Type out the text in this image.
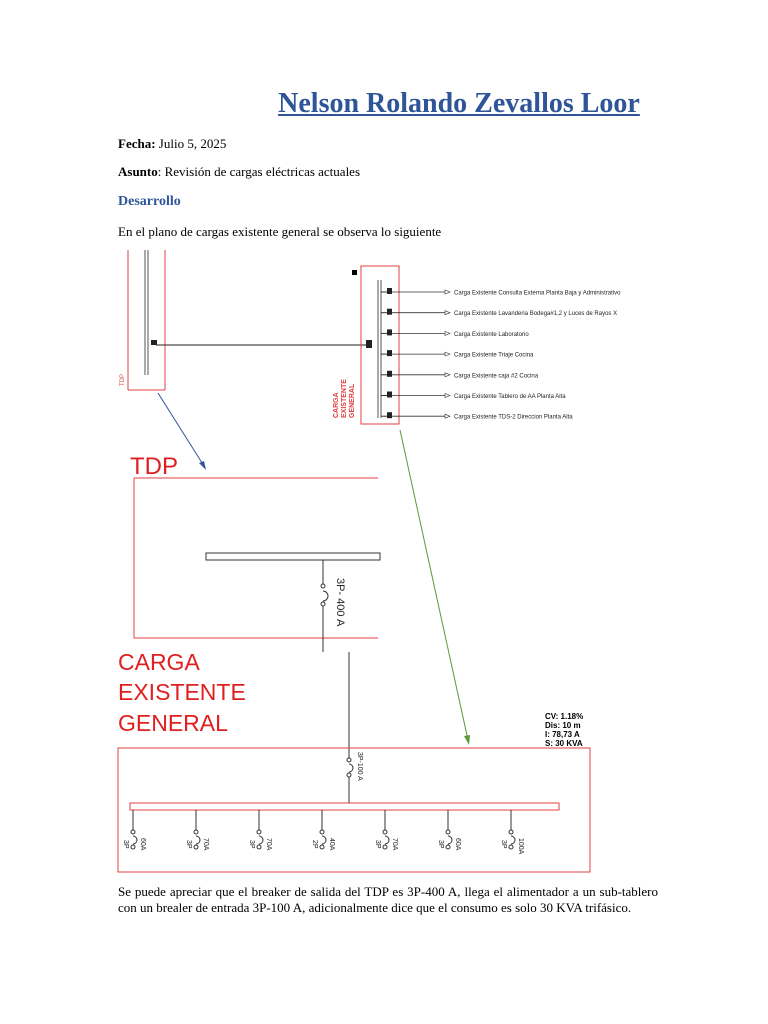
Nelson Rolando Zevallos Loor
Fecha: Julio 5, 2025
Asunto: Revisión de cargas eléctricas actuales
Desarrollo
En el plano de cargas existente general se observa lo siguiente
TDP
CARGA EXISTENTE GENERAL
Carga Existente Consulta Externa Planta Baja y Administrativo
Carga Existente Lavanderia Bodega#1,2 y Luces de Rayos X
Carga Existente Laboratorio
Carga Existente Triaje Cocina
Carga Existente caja #2 Cocina
Carga Existente Tablero de AA Planta Alta
Carga Existente TDS-2 Direccion Planta Alta
TDP
3P- 400 A
CARGA EXISTENTE GENERAL	CV: 1.18% Dis: 10 m I: 78,73 A S: 30 KVA
3P-100 A
60A
3P	70A
3P	70A
3P	40A
2P	70A
3P	60A
3P	100A
3P
Se puede apreciar que el breaker de salida del TDP es 3P-400 A, llega el alimentador a un sub-tablero con un brealer de entrada 3P-100 A, adicionalmente dice que el consumo es solo 30 KVA trifásico.
